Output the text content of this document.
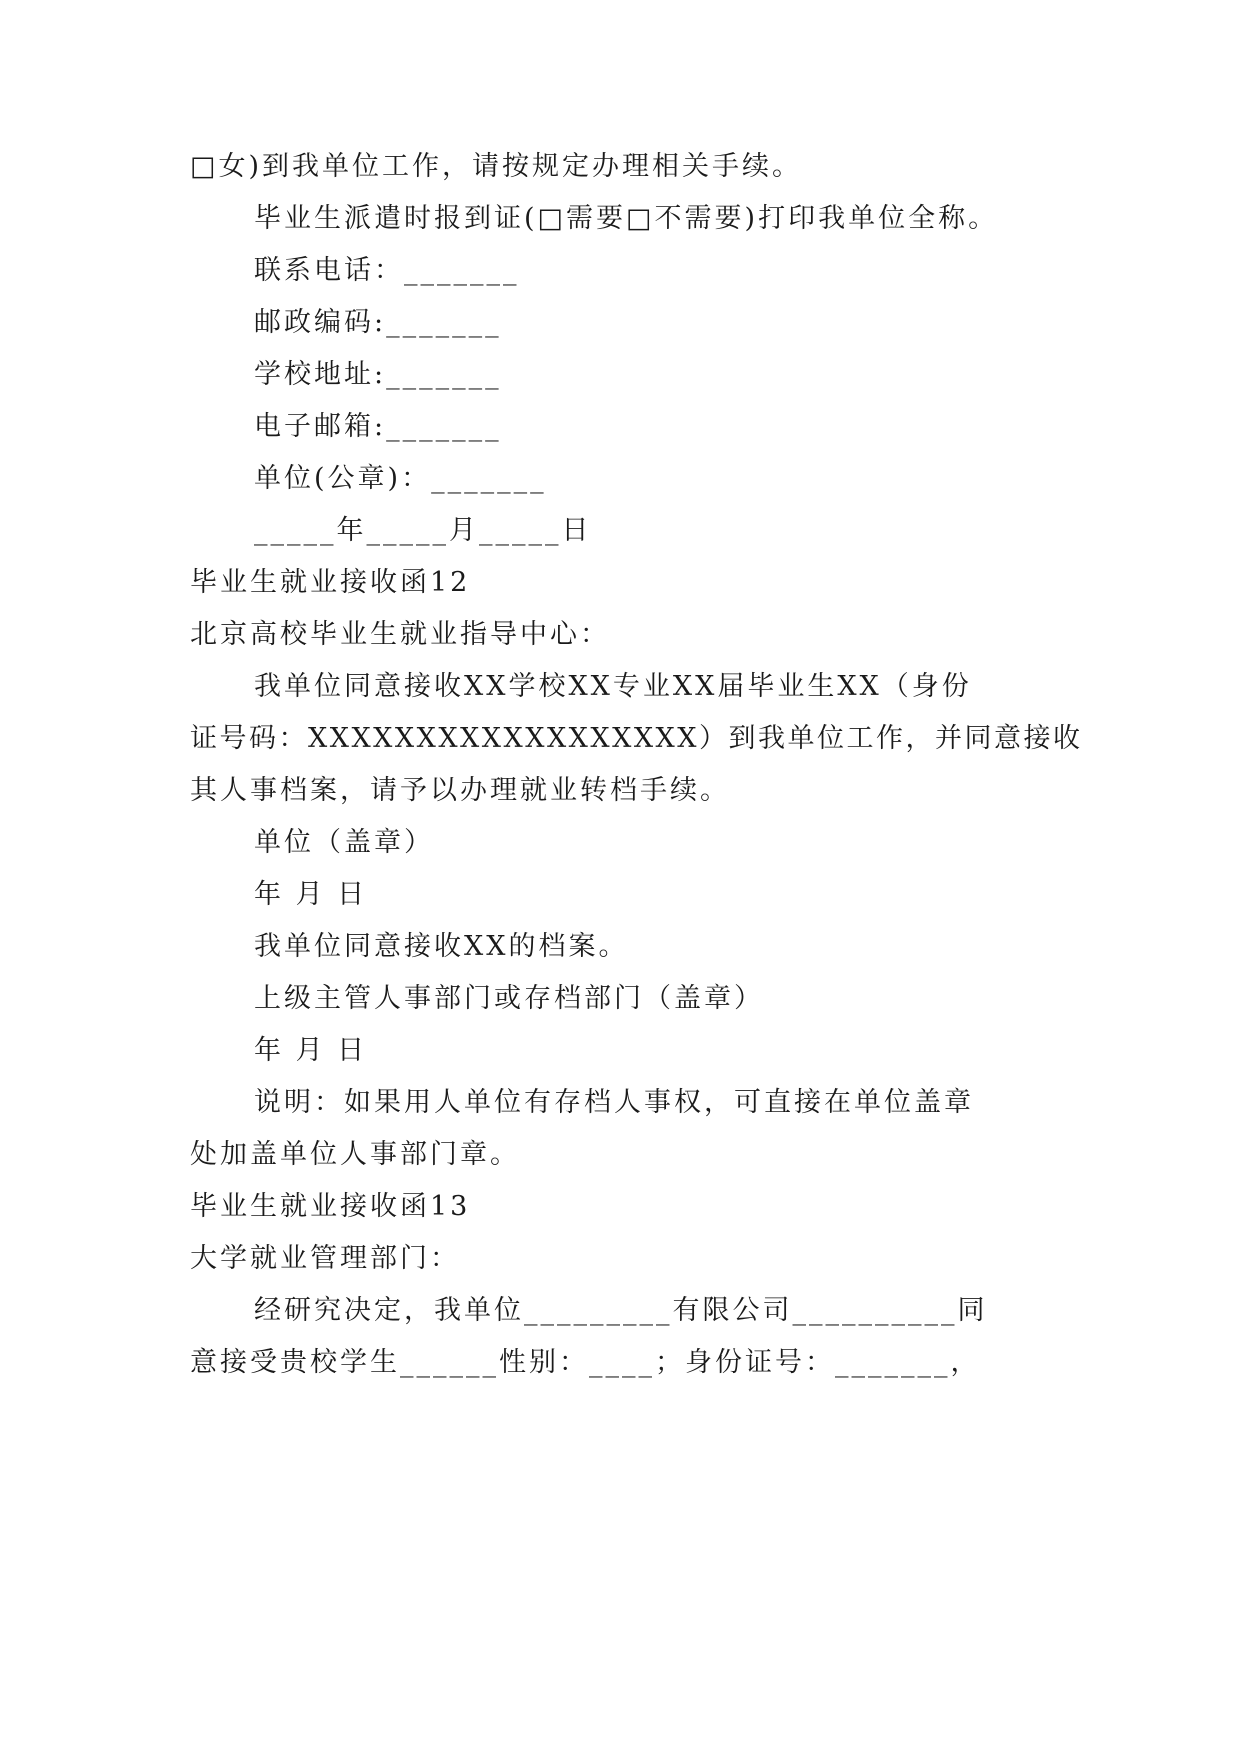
□女)到我单位工作，请按规定办理相关手续。
毕业生派遣时报到证(□需要□不需要)打印我单位全称。
联系电话：_______
邮政编码:_______
学校地址:_______
电子邮箱:_______
单位(公章)：_______
_____年_____月_____日
毕业生就业接收函12
北京高校毕业生就业指导中心：
我单位同意接收XX学校XX专业XX届毕业生XX（身份
证号码：XXXXXXXXXXXXXXXXXX）到我单位工作，并同意接收
其人事档案，请予以办理就业转档手续。
单位（盖章）
年 月 日
我单位同意接收XX的档案。
上级主管人事部门或存档部门（盖章）
年 月 日
说明：如果用人单位有存档人事权，可直接在单位盖章
处加盖单位人事部门章。
毕业生就业接收函13
大学就业管理部门：
经研究决定，我单位_________有限公司__________同
意接受贵校学生______性别：____；身份证号：_______，
